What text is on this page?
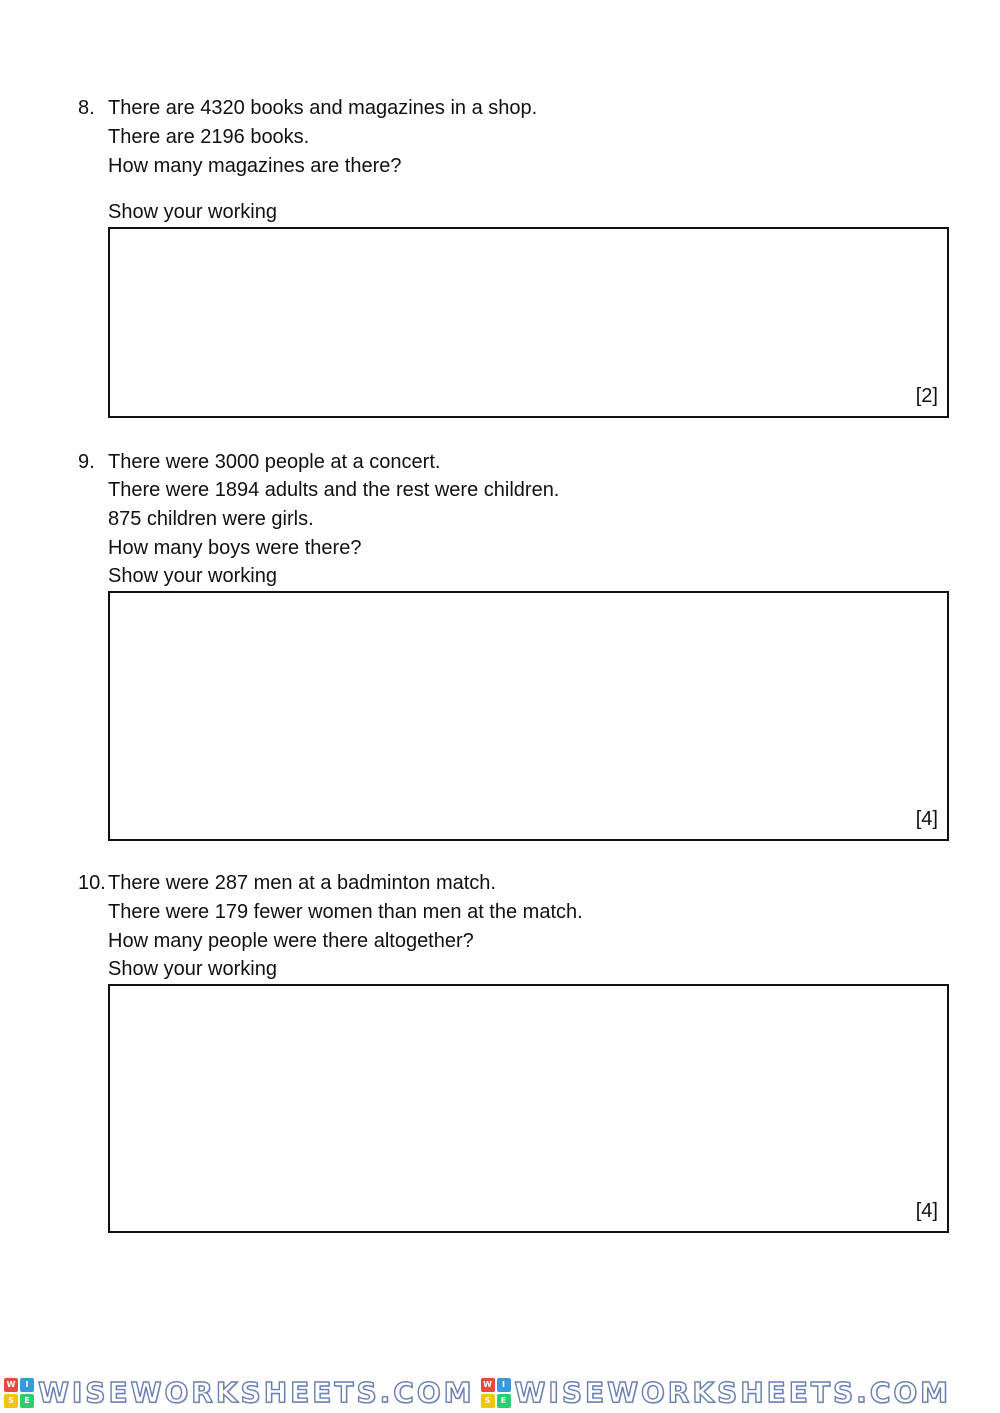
8. There are 4320 books and magazines in a shop.
There are 2196 books.
How many magazines are there?
Show your working
[2]
9. There were 3000 people at a concert.
There were 1894 adults and the rest were children.
875 children were girls.
How many boys were there?
Show your working
[4]
10. There were 287 men at a badminton match.
There were 179 fewer women than men at the match.
How many people were there altogether?
Show your working
[4]
W	I
S	E WISEWORKSHEETS.COM	W	I
S	E WISEWORKSHEETS.COM
